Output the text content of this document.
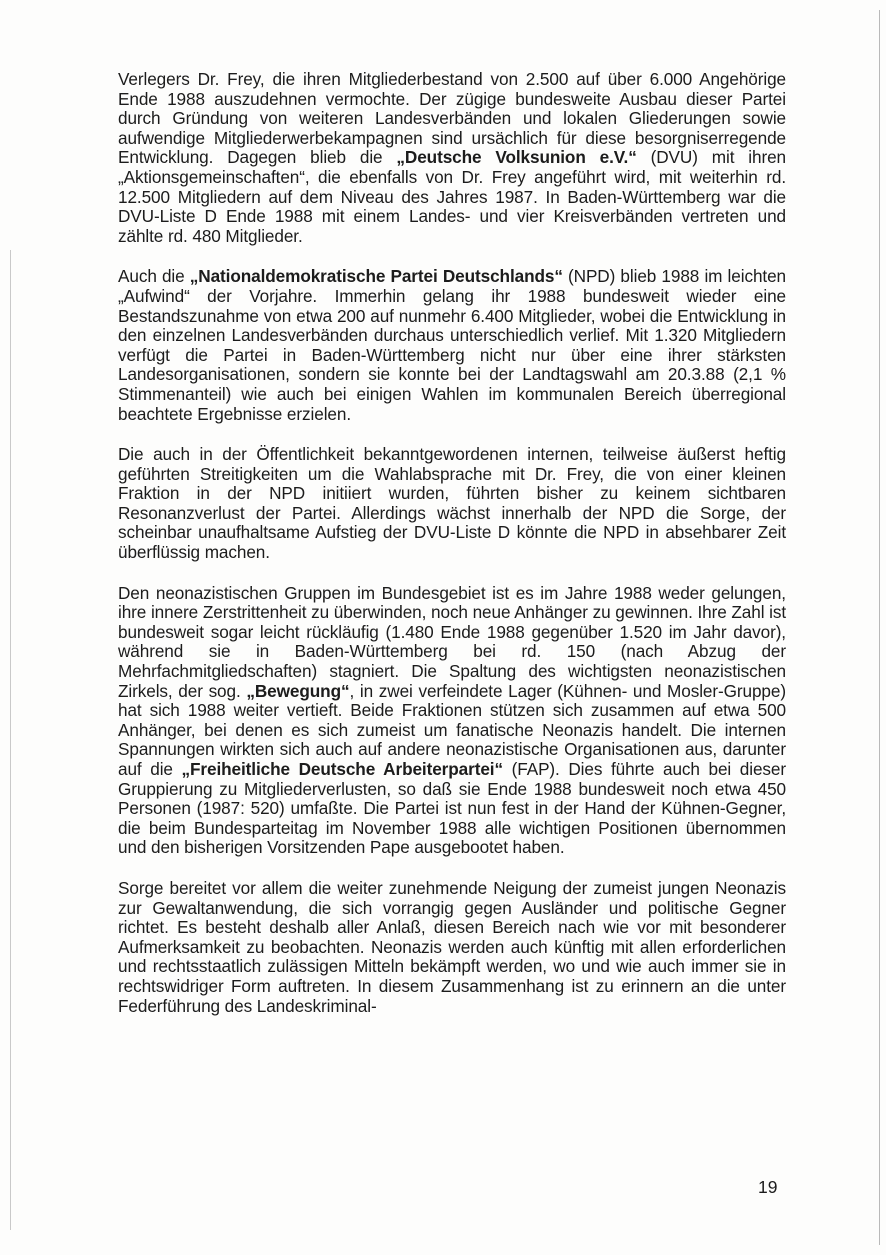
Verlegers Dr. Frey, die ihren Mitgliederbestand von 2.500 auf über 6.000 Angehörige Ende 1988 auszudehnen vermochte. Der zügige bundesweite Ausbau dieser Partei durch Gründung von weiteren Landesverbänden und lokalen Gliederungen sowie aufwendige Mitgliederwerbekampagnen sind ursächlich für diese besorgniserregende Entwicklung. Dagegen blieb die „Deutsche Volksunion e.V.“ (DVU) mit ihren „Aktionsgemeinschaften“, die ebenfalls von Dr. Frey angeführt wird, mit weiterhin rd. 12.500 Mitgliedern auf dem Niveau des Jahres 1987. In Baden-Württemberg war die DVU-Liste D Ende 1988 mit einem Landes- und vier Kreisverbänden vertreten und zählte rd. 480 Mitglieder.

Auch die „Nationaldemokratische Partei Deutschlands“ (NPD) blieb 1988 im leichten „Aufwind“ der Vorjahre. Immerhin gelang ihr 1988 bundesweit wieder eine Bestandszunahme von etwa 200 auf nunmehr 6.400 Mitglieder, wobei die Entwicklung in den einzelnen Landesverbänden durchaus unterschiedlich verlief. Mit 1.320 Mitgliedern verfügt die Partei in Baden-Württemberg nicht nur über eine ihrer stärksten Landesorganisationen, sondern sie konnte bei der Landtagswahl am 20.3.88 (2,1 % Stimmenanteil) wie auch bei einigen Wahlen im kommunalen Bereich überregional beachtete Ergebnisse erzielen.

Die auch in der Öffentlichkeit bekanntgewordenen internen, teilweise äußerst heftig geführten Streitigkeiten um die Wahlabsprache mit Dr. Frey, die von einer kleinen Fraktion in der NPD initiiert wurden, führten bisher zu keinem sichtbaren Resonanzverlust der Partei. Allerdings wächst innerhalb der NPD die Sorge, der scheinbar unaufhaltsame Aufstieg der DVU-Liste D könnte die NPD in absehbarer Zeit überflüssig machen.

Den neonazistischen Gruppen im Bundesgebiet ist es im Jahre 1988 weder gelungen, ihre innere Zerstrittenheit zu überwinden, noch neue Anhänger zu gewinnen. Ihre Zahl ist bundesweit sogar leicht rückläufig (1.480 Ende 1988 gegenüber 1.520 im Jahr davor), während sie in Baden-Württemberg bei rd. 150 (nach Abzug der Mehrfachmitgliedschaften) stagniert. Die Spaltung des wichtigsten neonazistischen Zirkels, der sog. „Bewegung“, in zwei verfeindete Lager (Kühnen- und Mosler-Gruppe) hat sich 1988 weiter vertieft. Beide Fraktionen stützen sich zusammen auf etwa 500 Anhänger, bei denen es sich zumeist um fanatische Neonazis handelt. Die internen Spannungen wirkten sich auch auf andere neonazistische Organisationen aus, darunter auf die „Freiheitliche Deutsche Arbeiterpartei“ (FAP). Dies führte auch bei dieser Gruppierung zu Mitgliederverlusten, so daß sie Ende 1988 bundesweit noch etwa 450 Personen (1987: 520) umfaßte. Die Partei ist nun fest in der Hand der Kühnen-Gegner, die beim Bundesparteitag im November 1988 alle wichtigen Positionen übernommen und den bisherigen Vorsitzenden Pape ausgebootet haben.

Sorge bereitet vor allem die weiter zunehmende Neigung der zumeist jungen Neonazis zur Gewaltanwendung, die sich vorrangig gegen Ausländer und politische Gegner richtet. Es besteht deshalb aller Anlaß, diesen Bereich nach wie vor mit besonderer Aufmerksamkeit zu beobachten. Neonazis werden auch künftig mit allen erforderlichen und rechtsstaatlich zulässigen Mitteln bekämpft werden, wo und wie auch immer sie in rechtswidriger Form auftreten. In diesem Zusammenhang ist zu erinnern an die unter Federführung des Landeskriminal-

19
